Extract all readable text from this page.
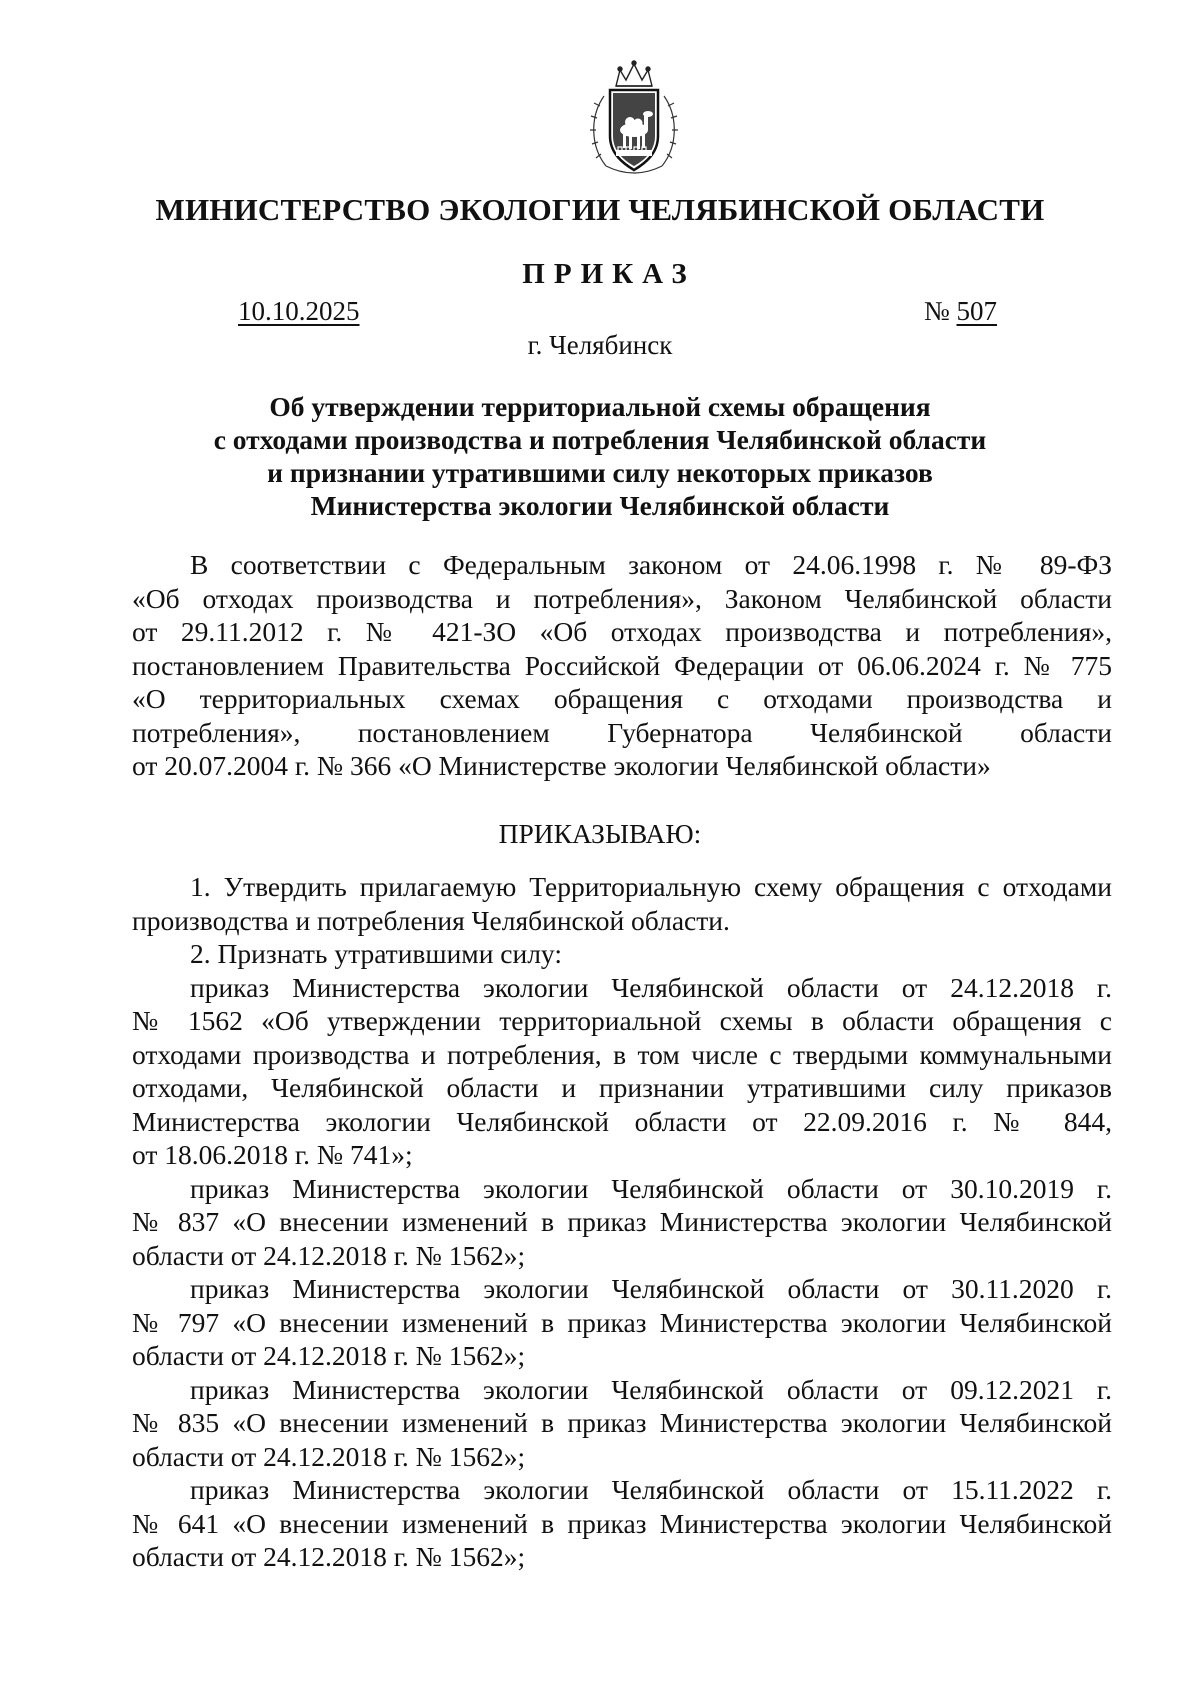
МИНИСТЕРСТВО ЭКОЛОГИИ ЧЕЛЯБИНСКОЙ ОБЛАСТИ
ПРИКАЗ
10.10.2025	№ 507
г. Челябинск
Об утверждении территориальной схемы обращения
с отходами производства и потребления Челябинской области
и признании утратившими силу некоторых приказов
Министерства экологии Челябинской области
В соответствии с Федеральным законом от 24.06.1998 г. № 89-ФЗ
«Об отходах производства и потребления», Законом Челябинской области
от 29.11.2012 г. № 421-ЗО «Об отходах производства и потребления»,
постановлением Правительства Российской Федерации от 06.06.2024 г. № 775
«О территориальных схемах обращения с отходами производства и
потребления», постановлением Губернатора Челябинской области
от 20.07.2004 г. № 366 «О Министерстве экологии Челябинской области»
ПРИКАЗЫВАЮ:
1. Утвердить прилагаемую Территориальную схему обращения с отходами
производства и потребления Челябинской области.
2. Признать утратившими силу:
приказ Министерства экологии Челябинской области от 24.12.2018 г.
№ 1562 «Об утверждении территориальной схемы в области обращения с
отходами производства и потребления, в том числе с твердыми коммунальными
отходами, Челябинской области и признании утратившими силу приказов
Министерства экологии Челябинской области от 22.09.2016 г. № 844,
от 18.06.2018 г. № 741»;
приказ Министерства экологии Челябинской области от 30.10.2019 г.
№ 837 «О внесении изменений в приказ Министерства экологии Челябинской
области от 24.12.2018 г. № 1562»;
приказ Министерства экологии Челябинской области от 30.11.2020 г.
№ 797 «О внесении изменений в приказ Министерства экологии Челябинской
области от 24.12.2018 г. № 1562»;
приказ Министерства экологии Челябинской области от 09.12.2021 г.
№ 835 «О внесении изменений в приказ Министерства экологии Челябинской
области от 24.12.2018 г. № 1562»;
приказ Министерства экологии Челябинской области от 15.11.2022 г.
№ 641 «О внесении изменений в приказ Министерства экологии Челябинской
области от 24.12.2018 г. № 1562»;
